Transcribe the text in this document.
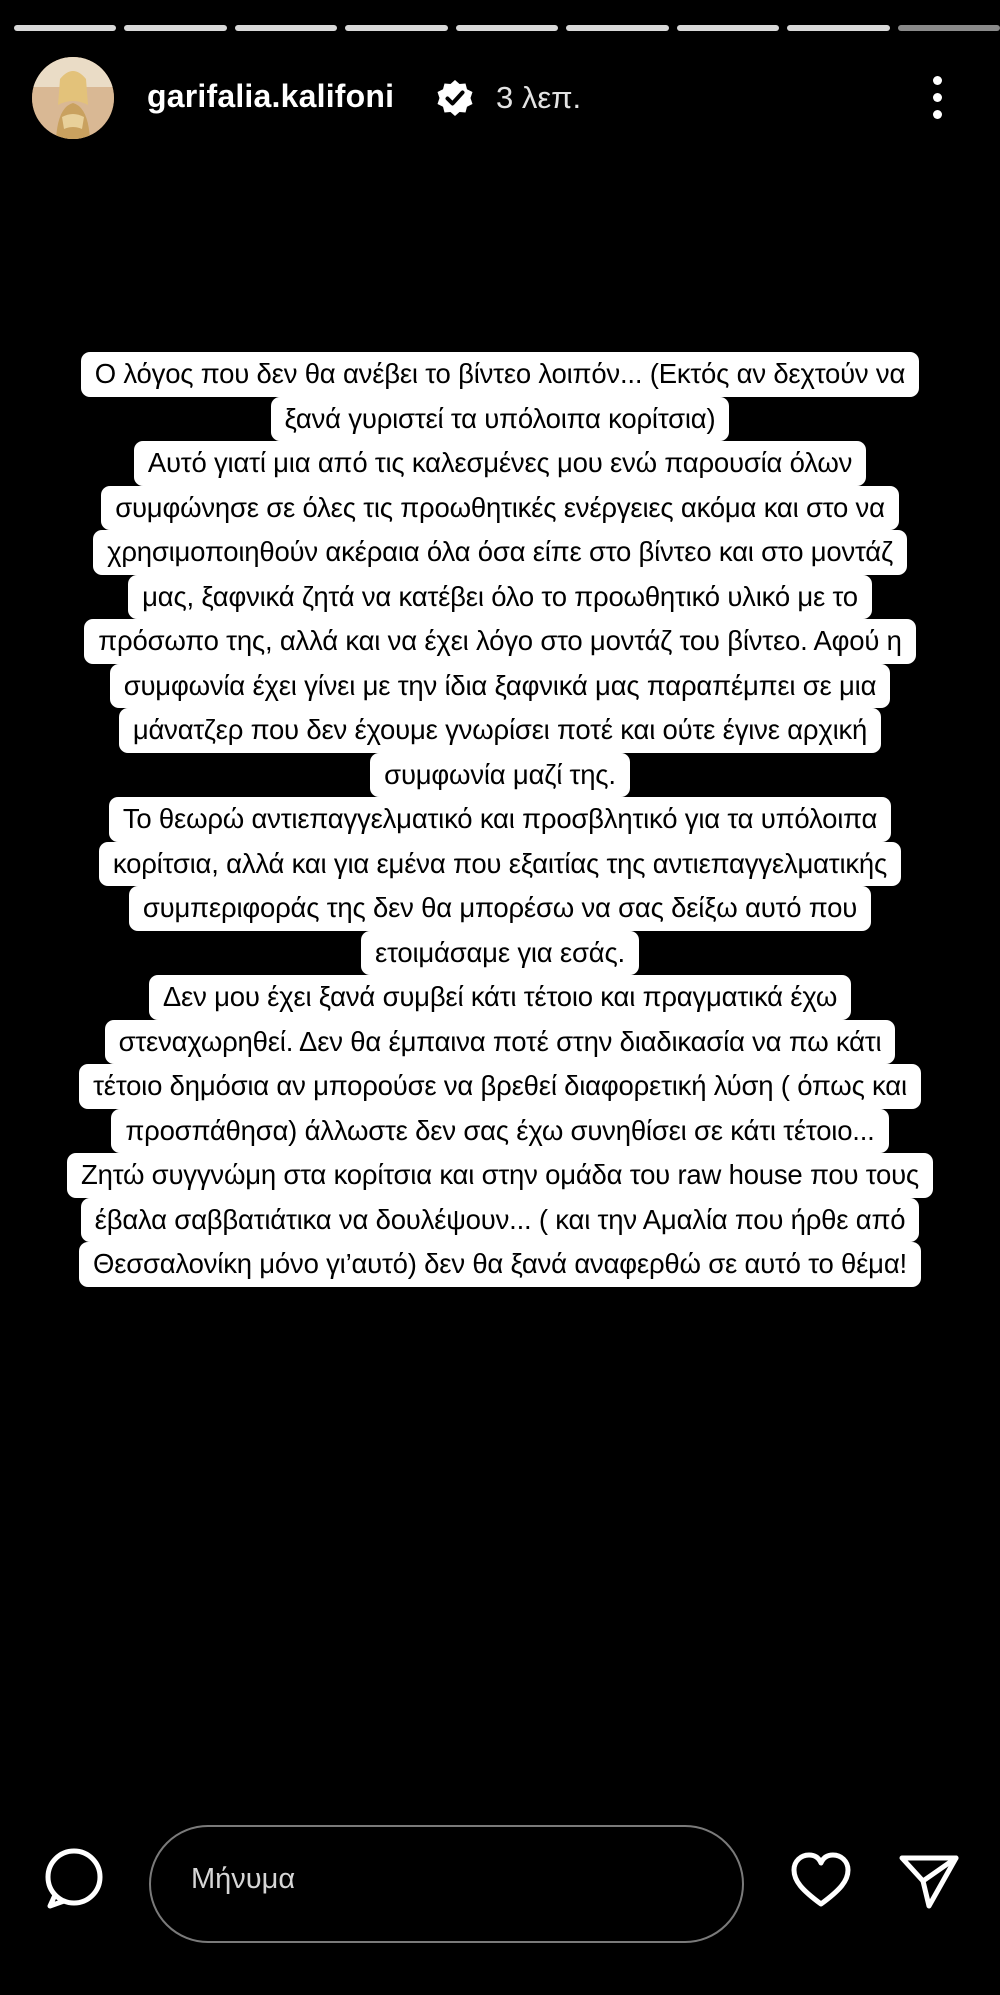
garifalia.kalifoni	3 λεπ.
Ο λόγος που δεν θα ανέβει το βίντεο λοιπόν... (Εκτός αν δεχτούν να
ξανά γυριστεί τα υπόλοιπα κορίτσια)
Αυτό γιατί μια από τις καλεσμένες μου ενώ παρουσία όλων
συμφώνησε σε όλες τις προωθητικές ενέργειες ακόμα και στο να
χρησιμοποιηθούν ακέραια όλα όσα είπε στο βίντεο και στο μοντάζ
μας, ξαφνικά ζητά να κατέβει όλο το προωθητικό υλικό με το
πρόσωπο της, αλλά και να έχει λόγο στο μοντάζ του βίντεο. Αφού η
συμφωνία έχει γίνει με την ίδια ξαφνικά μας παραπέμπει σε μια
μάνατζερ που δεν έχουμε γνωρίσει ποτέ και ούτε έγινε αρχική
συμφωνία μαζί της.
Το θεωρώ αντιεπαγγελματικό και προσβλητικό για τα υπόλοιπα
κορίτσια, αλλά και για εμένα που εξαιτίας της αντιεπαγγελματικής
συμπεριφοράς της δεν θα μπορέσω να σας δείξω αυτό που
ετοιμάσαμε για εσάς.
Δεν μου έχει ξανά συμβεί κάτι τέτοιο και πραγματικά έχω
στεναχωρηθεί. Δεν θα έμπαινα ποτέ στην διαδικασία να πω κάτι
τέτοιο δημόσια αν μπορούσε να βρεθεί διαφορετική λύση ( όπως και
προσπάθησα) άλλωστε δεν σας έχω συνηθίσει σε κάτι τέτοιο...
Ζητώ συγγνώμη στα κορίτσια και στην ομάδα του raw house που τους
έβαλα σαββατιάτικα να δουλέψουν... ( και την Αμαλία που ήρθε από
Θεσσαλονίκη μόνο γι’αυτό) δεν θα ξανά αναφερθώ σε αυτό το θέμα!
Μήνυμα
